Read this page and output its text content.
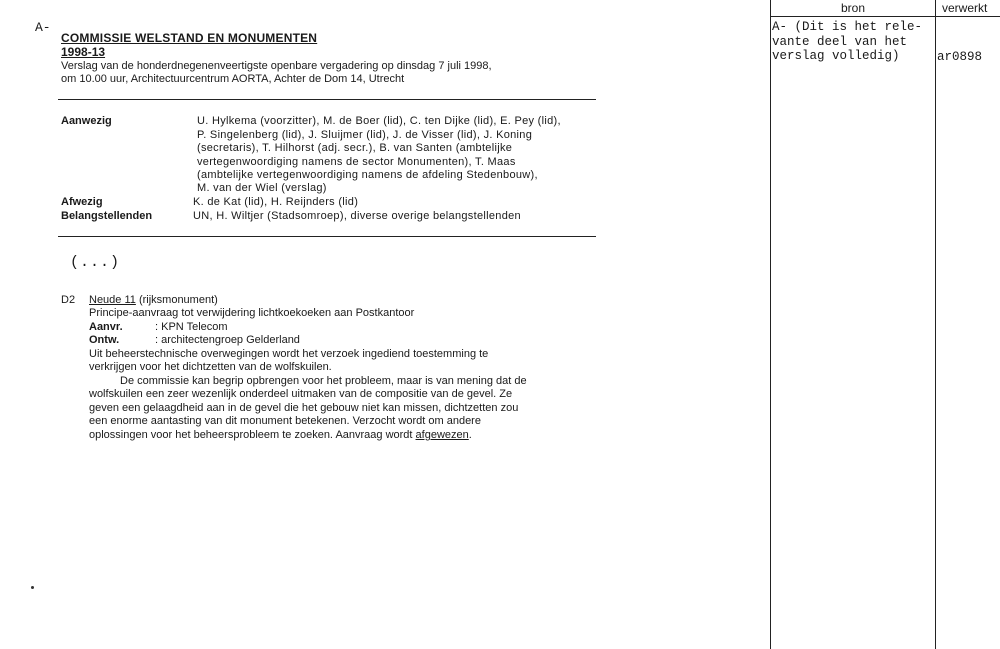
bron	verwerkt
A- (Dit is het rele-
vante deel van het
verslag volledig)	ar0898
A-
COMMISSIE WELSTAND EN MONUMENTEN
1998-13
Verslag van de honderdnegenenveertigste openbare vergadering op dinsdag 7 juli 1998,
om 10.00 uur, Architectuurcentrum AORTA, Achter de Dom 14, Utrecht
Aanwezig	U. Hylkema (voorzitter), M. de Boer (lid), C. ten Dijke (lid), E. Pey (lid),
P. Singelenberg (lid), J. Sluijmer (lid), J. de Visser (lid), J. Koning
(secretaris), T. Hilhorst (adj. secr.), B. van Santen (ambtelijke
vertegenwoordiging namens de sector Monumenten), T. Maas
(ambtelijke vertegenwoordiging namens de afdeling Stedenbouw),
M. van der Wiel (verslag)
Afwezig	K. de Kat (lid), H. Reijnders (lid)
Belangstellenden	UN, H. Wiltjer (Stadsomroep), diverse overige belangstellenden
(...)
D2 Neude 11 (rijksmonument)
Principe-aanvraag tot verwijdering lichtkoekoeken aan Postkantoor
Aanvr.	: KPN Telecom
Ontw.	: architectengroep Gelderland
Uit beheerstechnische overwegingen wordt het verzoek ingediend toestemming te
verkrijgen voor het dichtzetten van de wolfskuilen.
De commissie kan begrip opbrengen voor het probleem, maar is van mening dat de
wolfskuilen een zeer wezenlijk onderdeel uitmaken van de compositie van de gevel. Ze
geven een gelaagdheid aan in de gevel die het gebouw niet kan missen, dichtzetten zou
een enorme aantasting van dit monument betekenen. Verzocht wordt om andere
oplossingen voor het beheersprobleem te zoeken. Aanvraag wordt afgewezen.
